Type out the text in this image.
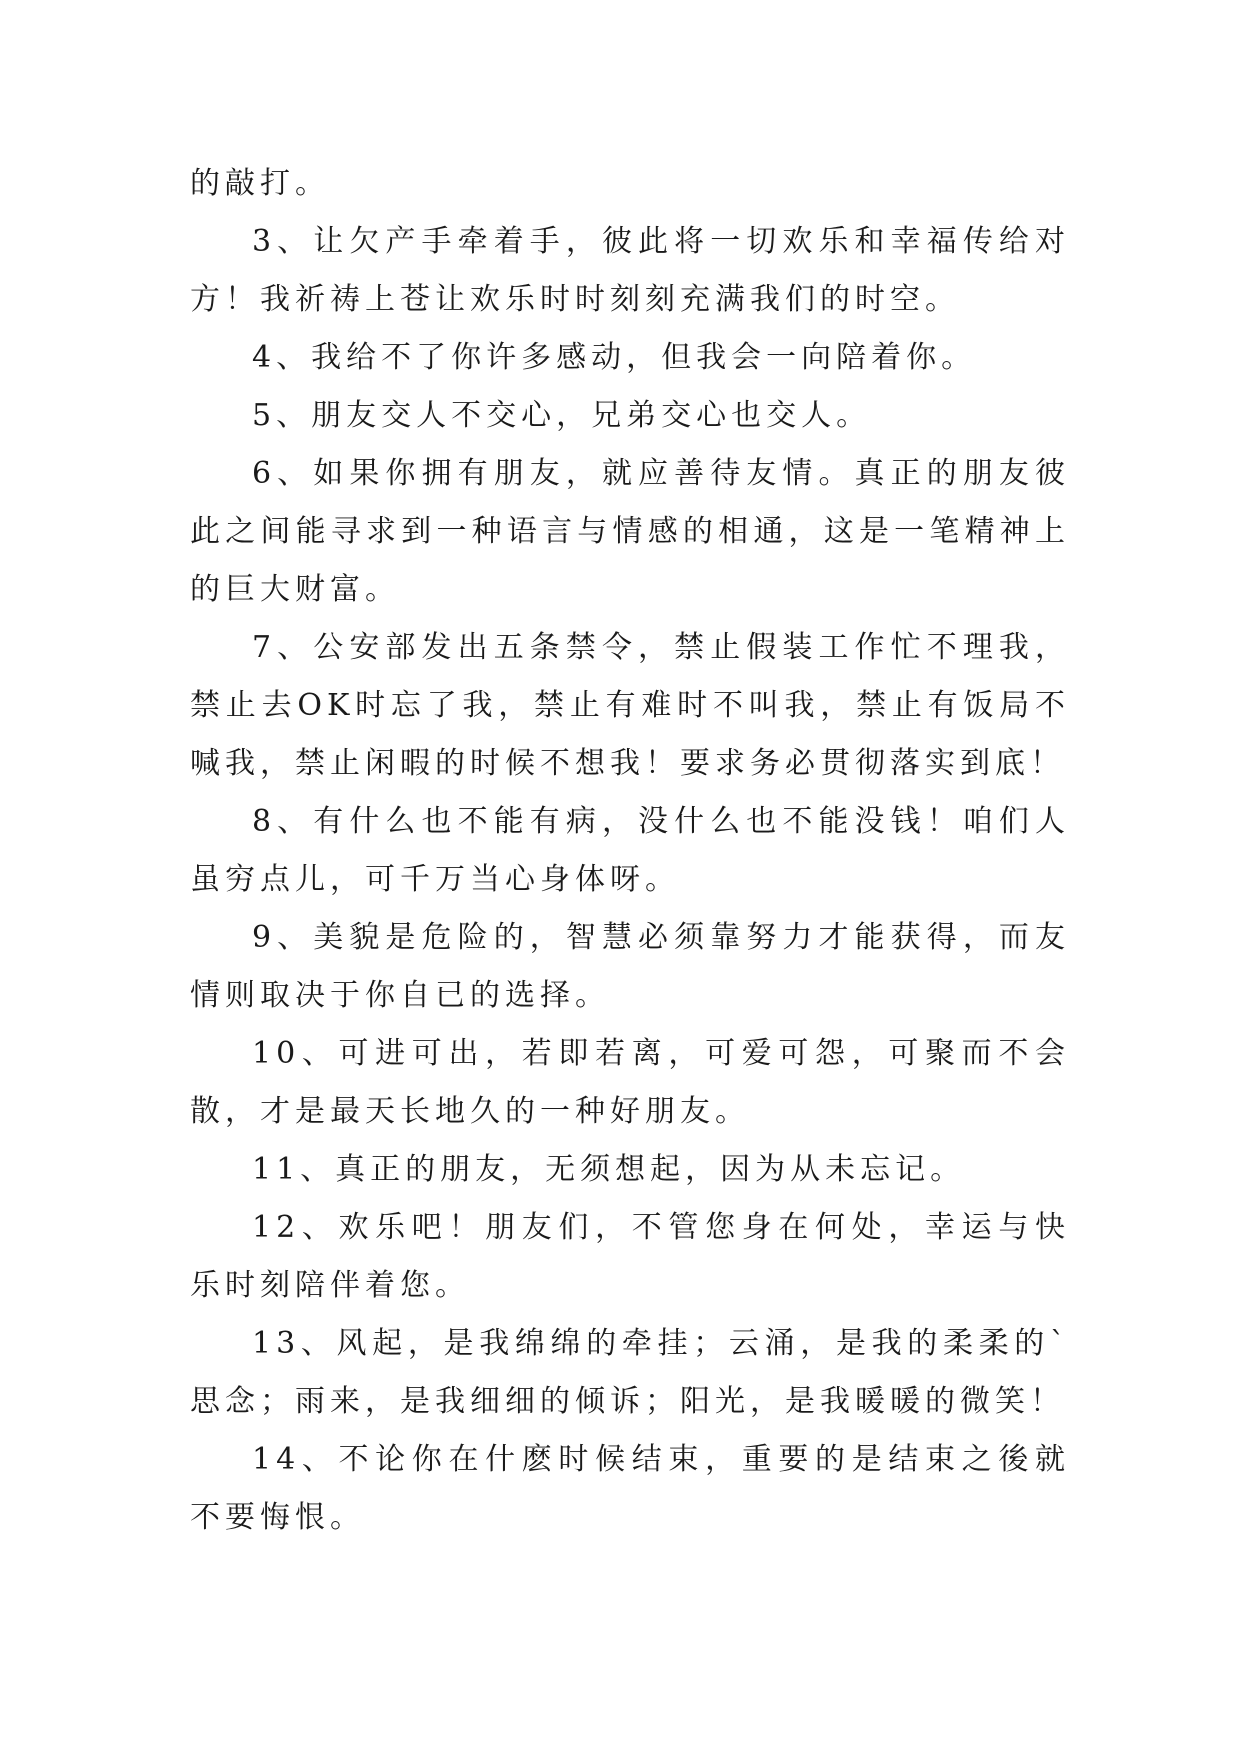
的敲打。

3、让欠产手牵着手，彼此将一切欢乐和幸福传给对方！我祈祷上苍让欢乐时时刻刻充满我们的时空。

4、我给不了你许多感动，但我会一向陪着你。

5、朋友交人不交心，兄弟交心也交人。

6、如果你拥有朋友，就应善待友情。真正的朋友彼此之间能寻求到一种语言与情感的相通，这是一笔精神上的巨大财富。

7、公安部发出五条禁令，禁止假装工作忙不理我，禁止去OK时忘了我，禁止有难时不叫我，禁止有饭局不喊我，禁止闲暇的时候不想我！要求务必贯彻落实到底！

8、有什么也不能有病，没什么也不能没钱！咱们人虽穷点儿，可千万当心身体呀。

9、美貌是危险的，智慧必须靠努力才能获得，而友情则取决于你自已的选择。

10、可进可出，若即若离，可爱可怨，可聚而不会散，才是最天长地久的一种好朋友。

11、真正的朋友，无须想起，因为从未忘记。

12、欢乐吧！朋友们，不管您身在何处，幸运与快乐时刻陪伴着您。

13、风起，是我绵绵的牵挂；云涌，是我的柔柔的`思念；雨来，是我细细的倾诉；阳光，是我暖暖的微笑！

14、不论你在什麽时候结束，重要的是结束之後就不要悔恨。
